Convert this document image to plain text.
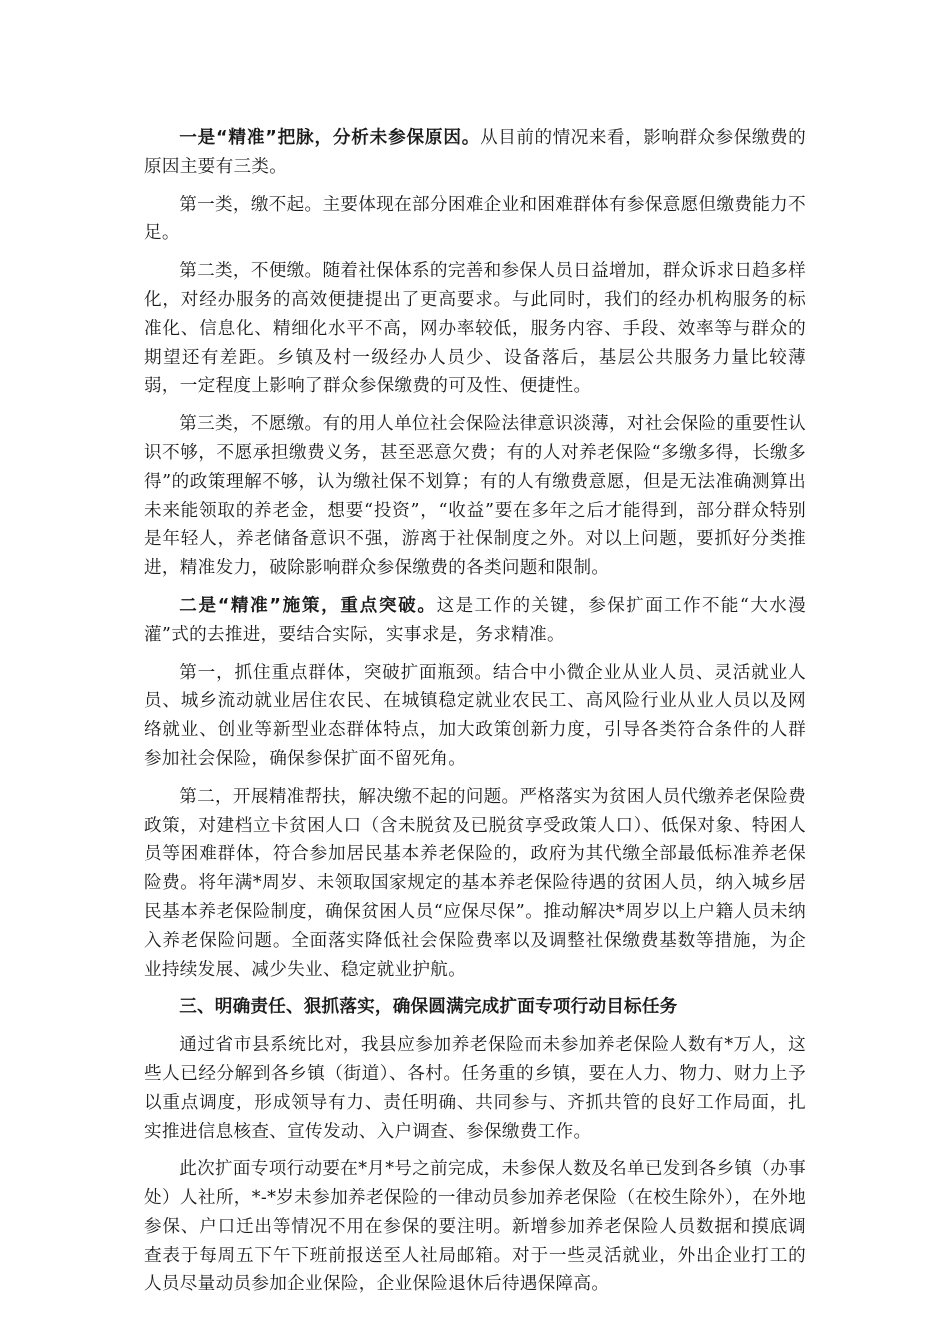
一是“精准”把脉，分析未参保原因。从目前的情况来看，影响群众参保缴费的原因主要有三类。

第一类，缴不起。主要体现在部分困难企业和困难群体有参保意愿但缴费能力不足。

第二类，不便缴。随着社保体系的完善和参保人员日益增加，群众诉求日趋多样化，对经办服务的高效便捷提出了更高要求。与此同时，我们的经办机构服务的标准化、信息化、精细化水平不高，网办率较低，服务内容、手段、效率等与群众的期望还有差距。乡镇及村一级经办人员少、设备落后，基层公共服务力量比较薄弱，一定程度上影响了群众参保缴费的可及性、便捷性。

第三类，不愿缴。有的用人单位社会保险法律意识淡薄，对社会保险的重要性认识不够，不愿承担缴费义务，甚至恶意欠费；有的人对养老保险“多缴多得，长缴多得”的政策理解不够，认为缴社保不划算；有的人有缴费意愿，但是无法准确测算出未来能领取的养老金，想要“投资”，“收益”要在多年之后才能得到，部分群众特别是年轻人，养老储备意识不强，游离于社保制度之外。对以上问题，要抓好分类推进，精准发力，破除影响群众参保缴费的各类问题和限制。

二是“精准”施策，重点突破。这是工作的关键，参保扩面工作不能“大水漫灌”式的去推进，要结合实际，实事求是，务求精准。

第一，抓住重点群体，突破扩面瓶颈。结合中小微企业从业人员、灵活就业人员、城乡流动就业居住农民、在城镇稳定就业农民工、高风险行业从业人员以及网络就业、创业等新型业态群体特点，加大政策创新力度，引导各类符合条件的人群参加社会保险，确保参保扩面不留死角。

第二，开展精准帮扶，解决缴不起的问题。严格落实为贫困人员代缴养老保险费政策，对建档立卡贫困人口（含未脱贫及已脱贫享受政策人口）、低保对象、特困人员等困难群体，符合参加居民基本养老保险的，政府为其代缴全部最低标准养老保险费。将年满*周岁、未领取国家规定的基本养老保险待遇的贫困人员，纳入城乡居民基本养老保险制度，确保贫困人员“应保尽保”。推动解决*周岁以上户籍人员未纳入养老保险问题。全面落实降低社会保险费率以及调整社保缴费基数等措施，为企业持续发展、减少失业、稳定就业护航。

三、明确责任、狠抓落实，确保圆满完成扩面专项行动目标任务

通过省市县系统比对，我县应参加养老保险而未参加养老保险人数有*万人，这些人已经分解到各乡镇（街道）、各村。任务重的乡镇，要在人力、物力、财力上予以重点调度，形成领导有力、责任明确、共同参与、齐抓共管的良好工作局面，扎实推进信息核查、宣传发动、入户调查、参保缴费工作。

此次扩面专项行动要在*月*号之前完成，未参保人数及名单已发到各乡镇（办事处）人社所，*-*岁未参加养老保险的一律动员参加养老保险（在校生除外），在外地参保、户口迁出等情况不用在参保的要注明。新增参加养老保险人员数据和摸底调查表于每周五下午下班前报送至人社局邮箱。对于一些灵活就业，外出企业打工的人员尽量动员参加企业保险，企业保险退休后待遇保障高。
